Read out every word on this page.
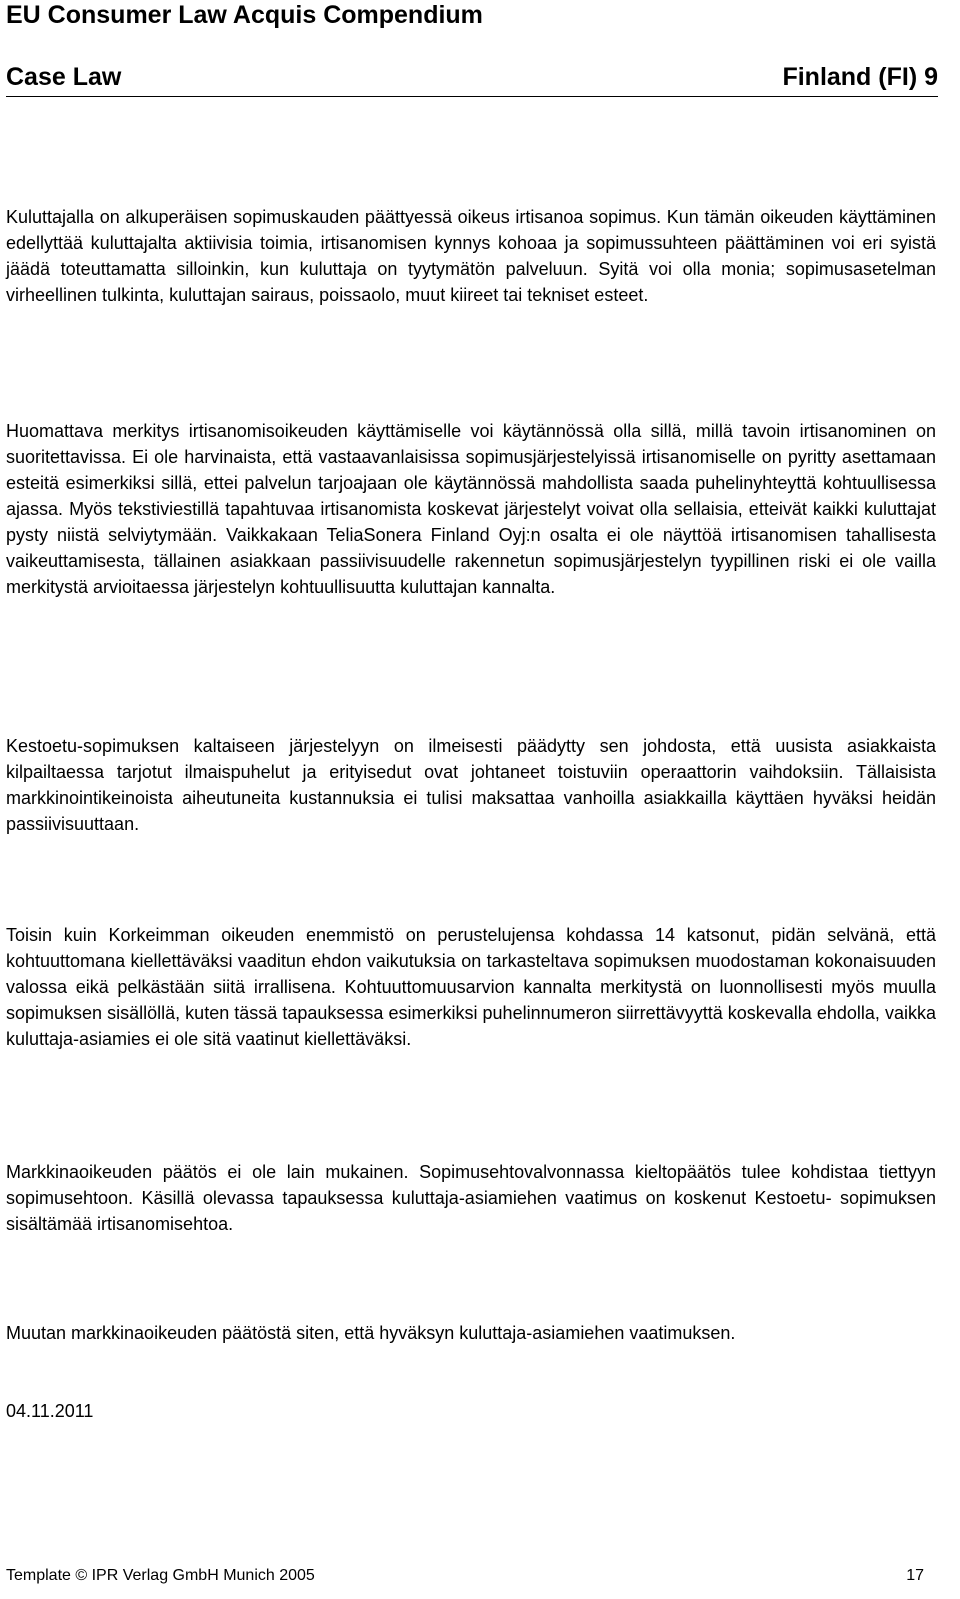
EU Consumer Law Acquis Compendium
Case Law	Finland (FI) 9
Kuluttajalla on alkuperäisen sopimuskauden päättyessä oikeus irtisanoa sopimus. Kun tämän oikeuden käyttäminen edellyttää kuluttajalta aktiivisia toimia, irtisanomisen kynnys kohoaa ja sopimussuhteen päättäminen voi eri syistä jäädä toteuttamatta silloinkin, kun kuluttaja on tyytymätön palveluun. Syitä voi olla monia; sopimusasetelman virheellinen tulkinta, kuluttajan sairaus, poissaolo, muut kiireet tai tekniset esteet.
Huomattava merkitys irtisanomisoikeuden käyttämiselle voi käytännössä olla sillä, millä tavoin irtisanominen on suoritettavissa. Ei ole harvinaista, että vastaavanlaisissa sopimusjärjestelyissä irtisanomiselle on pyritty asettamaan esteitä esimerkiksi sillä, ettei palvelun tarjoajaan ole käytännössä mahdollista saada puhelinyhteyttä kohtuullisessa ajassa. Myös tekstiviestillä tapahtuvaa irtisanomista koskevat järjestelyt voivat olla sellaisia, etteivät kaikki kuluttajat pysty niistä selviytymään. Vaikkakaan TeliaSonera Finland Oyj:n osalta ei ole näyttöä irtisanomisen tahallisesta vaikeuttamisesta, tällainen asiakkaan passiivisuudelle rakennetun sopimusjärjestelyn tyypillinen riski ei ole vailla merkitystä arvioitaessa järjestelyn kohtuullisuutta kuluttajan kannalta.
Kestoetu-sopimuksen kaltaiseen järjestelyyn on ilmeisesti päädytty sen johdosta, että uusista asiakkaista kilpailtaessa tarjotut ilmaispuhelut ja erityisedut ovat johtaneet toistuviin operaattorin vaihdoksiin. Tällaisista markkinointikeinoista aiheutuneita kustannuksia ei tulisi maksattaa vanhoilla asiakkailla käyttäen hyväksi heidän passiivisuuttaan.
Toisin kuin Korkeimman oikeuden enemmistö on perustelujensa kohdassa 14 katsonut, pidän selvänä, että kohtuuttomana kiellettäväksi vaaditun ehdon vaikutuksia on tarkasteltava sopimuksen muodostaman kokonaisuuden valossa eikä pelkästään siitä irrallisena. Kohtuuttomuusarvion kannalta merkitystä on luonnollisesti myös muulla sopimuksen sisällöllä, kuten tässä tapauksessa esimerkiksi puhelinnumeron siirrettävyyttä koskevalla ehdolla, vaikka kuluttaja-asiamies ei ole sitä vaatinut kiellettäväksi.
Markkinaoikeuden päätös ei ole lain mukainen. Sopimusehtovalvonnassa kieltopäätös tulee kohdistaa tiettyyn sopimusehtoon. Käsillä olevassa tapauksessa kuluttaja-asiamiehen vaatimus on koskenut Kestoetu- sopimuksen sisältämää irtisanomisehtoa.
Muutan markkinaoikeuden päätöstä siten, että hyväksyn kuluttaja-asiamiehen vaatimuksen.
04.11.2011
Template © IPR Verlag GmbH Munich 2005	17
